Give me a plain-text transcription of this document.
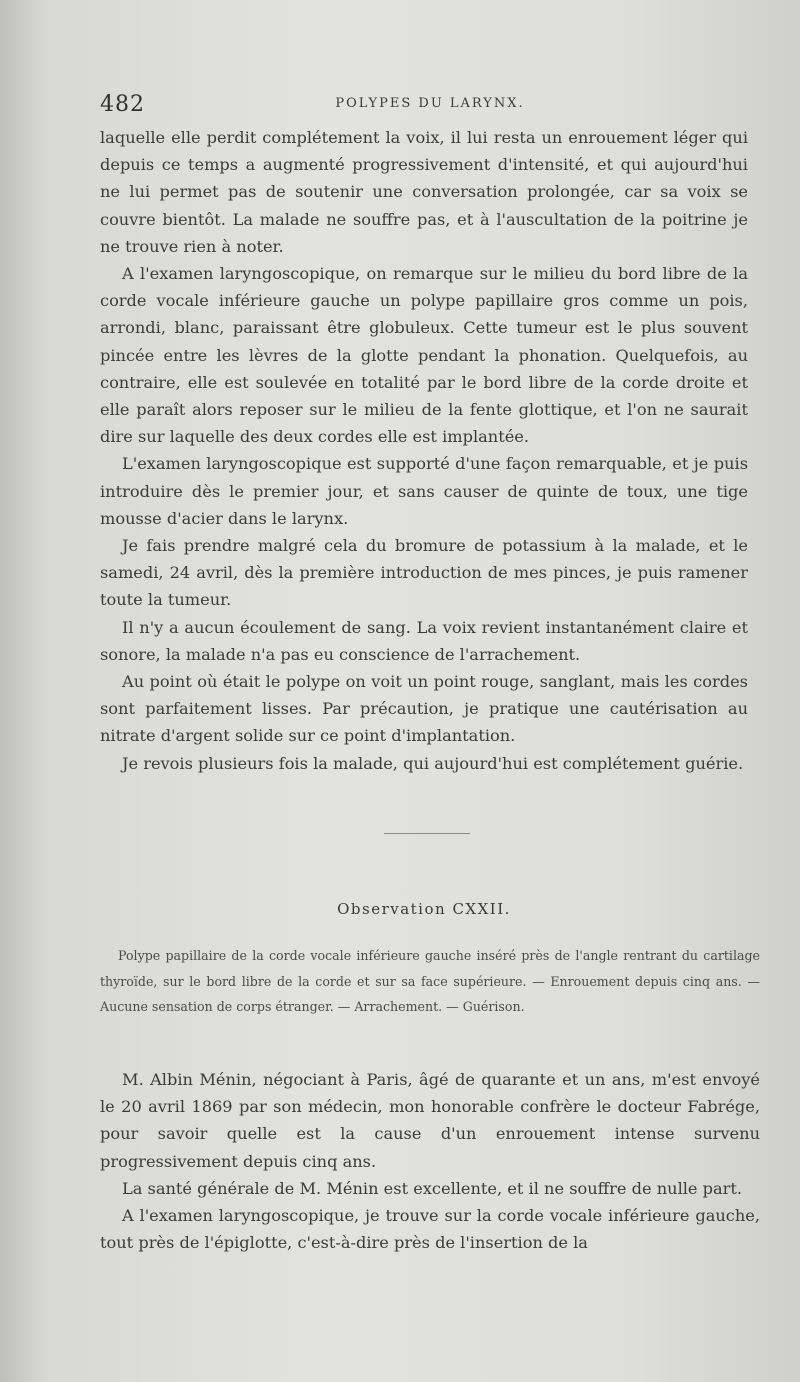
482	POLYPES DU LARYNX.

laquelle elle perdit complétement la voix, il lui resta un enrouement léger qui depuis ce temps a augmenté progressivement d'intensité, et qui aujourd'hui ne lui permet pas de soutenir une conversation prolongée, car sa voix se couvre bientôt. La malade ne souffre pas, et à l'auscultation de la poitrine je ne trouve rien à noter.

A l'examen laryngoscopique, on remarque sur le milieu du bord libre de la corde vocale inférieure gauche un polype papillaire gros comme un pois, arrondi, blanc, paraissant être globuleux. Cette tumeur est le plus souvent pincée entre les lèvres de la glotte pendant la phonation. Quelquefois, au contraire, elle est soulevée en totalité par le bord libre de la corde droite et elle paraît alors reposer sur le milieu de la fente glottique, et l'on ne saurait dire sur laquelle des deux cordes elle est implantée.

L'examen laryngoscopique est supporté d'une façon remarquable, et je puis introduire dès le premier jour, et sans causer de quinte de toux, une tige mousse d'acier dans le larynx.

Je fais prendre malgré cela du bromure de potassium à la malade, et le samedi, 24 avril, dès la première introduction de mes pinces, je puis ramener toute la tumeur.

Il n'y a aucun écoulement de sang. La voix revient instantanément claire et sonore, la malade n'a pas eu conscience de l'arrachement.

Au point où était le polype on voit un point rouge, sanglant, mais les cordes sont parfaitement lisses. Par précaution, je pratique une cautérisation au nitrate d'argent solide sur ce point d'implantation.

Je revois plusieurs fois la malade, qui aujourd'hui est complétement guérie.

Observation CXXII.

Polype papillaire de la corde vocale inférieure gauche inséré près de l'angle rentrant du cartilage thyroïde, sur le bord libre de la corde et sur sa face supérieure. — Enrouement depuis cinq ans. — Aucune sensation de corps étranger. — Arrachement. — Guérison.

M. Albin Ménin, négociant à Paris, âgé de quarante et un ans, m'est envoyé le 20 avril 1869 par son médecin, mon honorable confrère le docteur Fabrége, pour savoir quelle est la cause d'un enrouement intense survenu progressivement depuis cinq ans.

La santé générale de M. Ménin est excellente, et il ne souffre de nulle part.

A l'examen laryngoscopique, je trouve sur la corde vocale inférieure gauche, tout près de l'épiglotte, c'est-à-dire près de l'insertion de la
